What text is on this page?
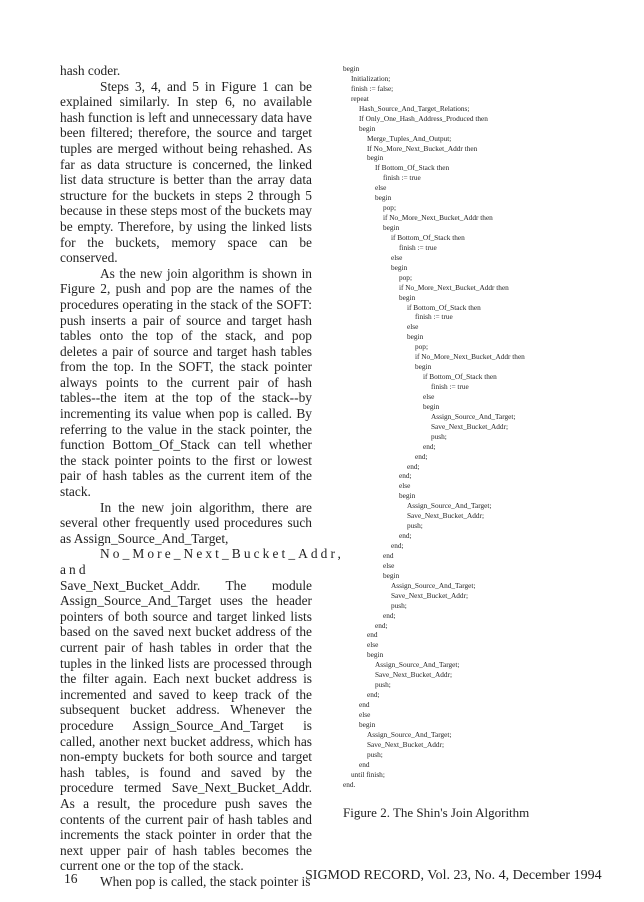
hash coder.

Steps 3, 4, and 5 in Figure 1 can be explained similarly. In step 6, no available hash function is left and unnecessary data have been filtered; therefore, the source and target tuples are merged without being rehashed. As far as data structure is concerned, the linked list data structure is better than the array data structure for the buckets in steps 2 through 5 because in these steps most of the buckets may be empty. Therefore, by using the linked lists for the buckets, memory space can be conserved.

As the new join algorithm is shown in Figure 2, push and pop are the names of the procedures operating in the stack of the SOFT: push inserts a pair of source and target hash tables onto the top of the stack, and pop deletes a pair of source and target hash tables from the top. In the SOFT, the stack pointer always points to the current pair of hash tables--the item at the top of the stack--by incrementing its value when pop is called. By referring to the value in the stack pointer, the function Bottom_Of_Stack can tell whether the stack pointer points to the first or lowest pair of hash tables as the current item of the stack.

In the new join algorithm, there are several other frequently used procedures such as Assign_Source_And_Target,
No_More_Next_Bucket_Addr, and
Save_Next_Bucket_Addr. The module Assign_Source_And_Target uses the header pointers of both source and target linked lists based on the saved next bucket address of the current pair of hash tables in order that the tuples in the linked lists are processed through the filter again. Each next bucket address is incremented and saved to keep track of the subsequent bucket address. Whenever the procedure Assign_Source_And_Target is called, another next bucket address, which has non-empty buckets for both source and target hash tables, is found and saved by the procedure termed Save_Next_Bucket_Addr. As a result, the procedure push saves the contents of the current pair of hash tables and increments the stack pointer in order that the next upper pair of hash tables becomes the current one or the top of the stack.

When pop is called, the stack pointer is

begin
Initialization;
finish := false;
repeat
Hash_Source_And_Target_Relations;
If Only_One_Hash_Address_Produced then
begin
Merge_Tuples_And_Output;
If No_More_Next_Bucket_Addr then
begin
If Bottom_Of_Stack then
finish := true
else
begin
pop;
if No_More_Next_Bucket_Addr then
begin
if Bottom_Of_Stack then
finish := true
else
begin
pop;
if No_More_Next_Bucket_Addr then
begin
if Bottom_Of_Stack then
finish := true
else
begin
pop;
if No_More_Next_Bucket_Addr then
begin
if Bottom_Of_Stack then
finish := true
else
begin
Assign_Source_And_Target;
Save_Next_Bucket_Addr;
push;
end;
end;
end;
end;
else
begin
Assign_Source_And_Target;
Save_Next_Bucket_Addr;
push;
end;
end;
end
else
begin
Assign_Source_And_Target;
Save_Next_Bucket_Addr;
push;
end;
end;
end
else
begin
Assign_Source_And_Target;
Save_Next_Bucket_Addr;
push;
end;
end
else
begin
Assign_Source_And_Target;
Save_Next_Bucket_Addr;
push;
end
until finish;
end.
Figure 2. The Shin's Join Algorithm
16	SIGMOD RECORD, Vol. 23, No. 4, December 1994
